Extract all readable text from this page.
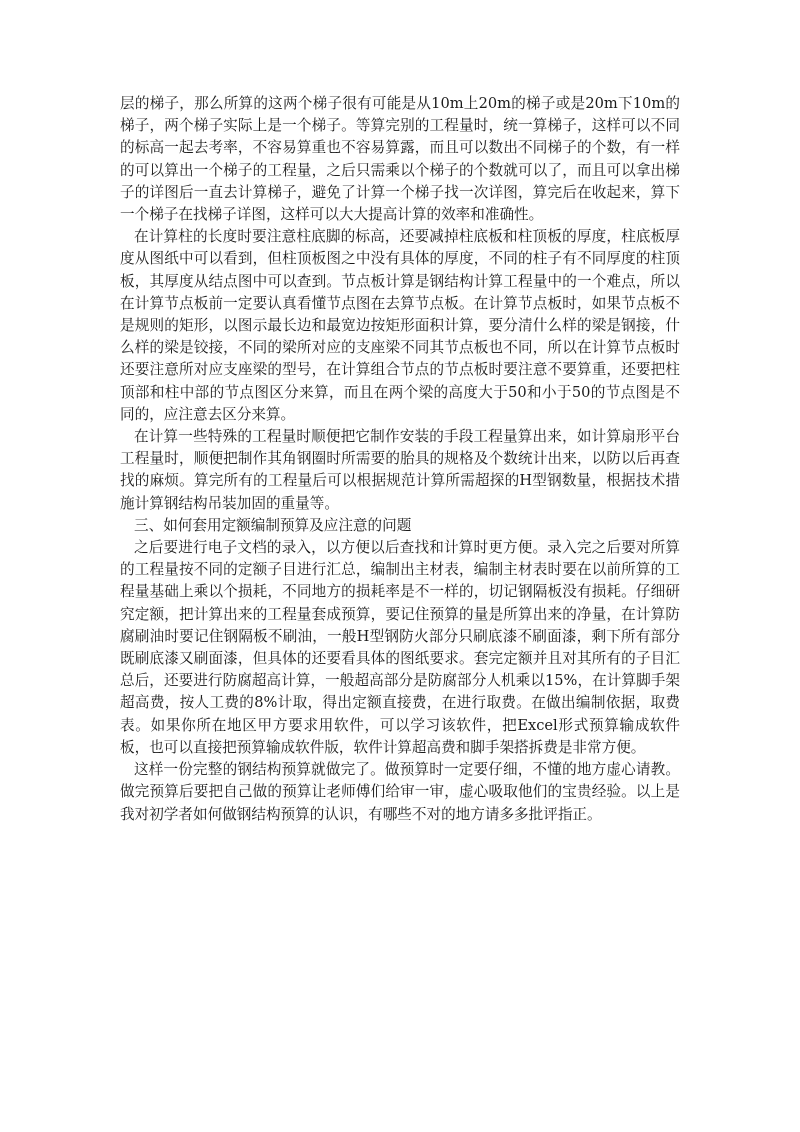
层的梯子，那么所算的这两个梯子很有可能是从10m上20m的梯子或是20m下10m的梯子，两个梯子实际上是一个梯子。等算完别的工程量时，统一算梯子，这样可以不同的标高一起去考率，不容易算重也不容易算露，而且可以数出不同梯子的个数，有一样的可以算出一个梯子的工程量，之后只需乘以个梯子的个数就可以了，而且可以拿出梯子的详图后一直去计算梯子，避免了计算一个梯子找一次详图，算完后在收起来，算下一个梯子在找梯子详图，这样可以大大提高计算的效率和准确性。

在计算柱的长度时要注意柱底脚的标高，还要减掉柱底板和柱顶板的厚度，柱底板厚度从图纸中可以看到，但柱顶板图之中没有具体的厚度，不同的柱子有不同厚度的柱顶板，其厚度从结点图中可以查到。节点板计算是钢结构计算工程量中的一个难点，所以在计算节点板前一定要认真看懂节点图在去算节点板。在计算节点板时，如果节点板不是规则的矩形，以图示最长边和最宽边按矩形面积计算，要分清什么样的梁是钢接，什么样的梁是铰接，不同的梁所对应的支座梁不同其节点板也不同，所以在计算节点板时还要注意所对应支座梁的型号，在计算组合节点的节点板时要注意不要算重，还要把柱顶部和柱中部的节点图区分来算，而且在两个梁的高度大于50和小于50的节点图是不同的，应注意去区分来算。

在计算一些特殊的工程量时顺便把它制作安装的手段工程量算出来，如计算扇形平台工程量时，顺便把制作其角钢圈时所需要的胎具的规格及个数统计出来，以防以后再查找的麻烦。算完所有的工程量后可以根据规范计算所需超探的H型钢数量，根据技术措施计算钢结构吊装加固的重量等。

三、如何套用定额编制预算及应注意的问题

之后要进行电子文档的录入，以方便以后查找和计算时更方便。录入完之后要对所算的工程量按不同的定额子目进行汇总，编制出主材表，编制主材表时要在以前所算的工程量基础上乘以个损耗，不同地方的损耗率是不一样的，切记钢隔板没有损耗。仔细研究定额，把计算出来的工程量套成预算，要记住预算的量是所算出来的净量，在计算防腐刷油时要记住钢隔板不刷油，一般H型钢防火部分只刷底漆不刷面漆，剩下所有部分既刷底漆又刷面漆，但具体的还要看具体的图纸要求。套完定额并且对其所有的子目汇总后，还要进行防腐超高计算，一般超高部分是防腐部分人机乘以15%，在计算脚手架超高费，按人工费的8%计取，得出定额直接费，在进行取费。在做出编制依据，取费表。如果你所在地区甲方要求用软件，可以学习该软件，把Excel形式预算输成软件板，也可以直接把预算输成软件版，软件计算超高费和脚手架搭拆费是非常方便。

这样一份完整的钢结构预算就做完了。做预算时一定要仔细，不懂的地方虚心请教。做完预算后要把自己做的预算让老师傅们给审一审，虚心吸取他们的宝贵经验。以上是我对初学者如何做钢结构预算的认识，有哪些不对的地方请多多批评指正。
